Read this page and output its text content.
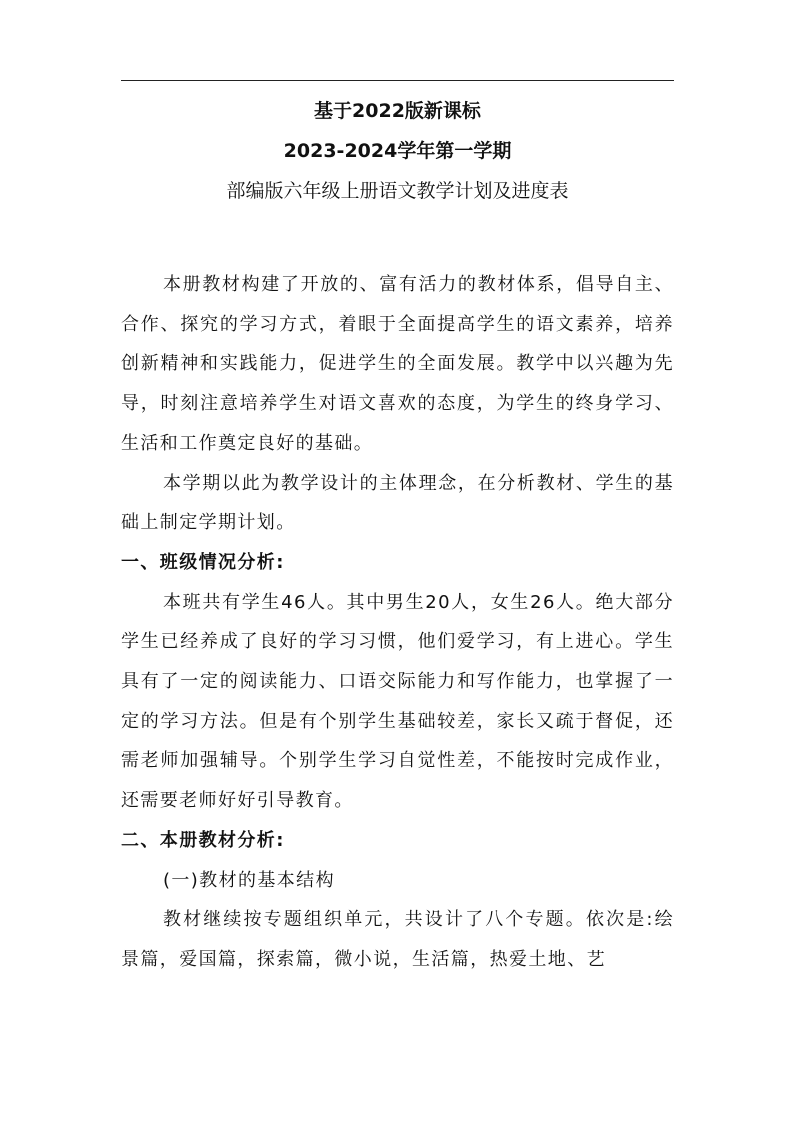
基于2022版新课标
2023-2024学年第一学期
部编版六年级上册语文教学计划及进度表

本册教材构建了开放的、富有活力的教材体系，倡导自主、合作、探究的学习方式，着眼于全面提高学生的语文素养，培养创新精神和实践能力，促进学生的全面发展。教学中以兴趣为先导，时刻注意培养学生对语文喜欢的态度，为学生的终身学习、生活和工作奠定良好的基础。

本学期以此为教学设计的主体理念，在分析教材、学生的基础上制定学期计划。

一、班级情况分析:

本班共有学生46人。其中男生20人，女生26人。绝大部分学生已经养成了良好的学习习惯，他们爱学习，有上进心。学生具有了一定的阅读能力、口语交际能力和写作能力，也掌握了一定的学习方法。但是有个别学生基础较差，家长又疏于督促，还需老师加强辅导。个别学生学习自觉性差，不能按时完成作业，还需要老师好好引导教育。

二、本册教材分析:

(一)教材的基本结构

教材继续按专题组织单元，共设计了八个专题。依次是:绘景篇，爱国篇，探索篇，微小说，生活篇，热爱土地、艺
